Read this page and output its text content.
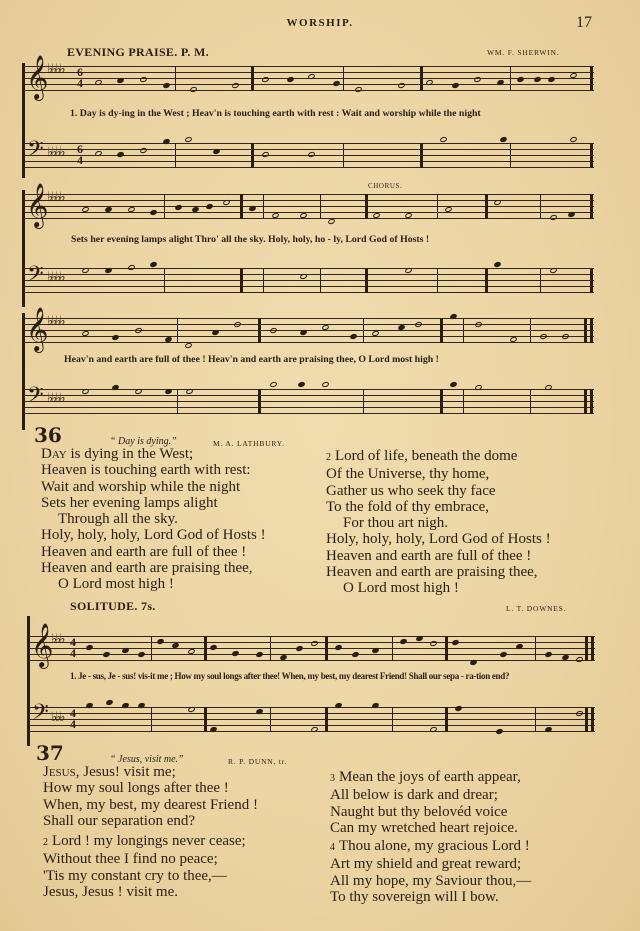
WORSHIP.	17
EVENING PRAISE. P. M.	WM. F. SHERWIN.
𝄞
𝄢
♭♭♭♭
♭♭♭♭
6
4
6
4
1. Day is dy-ing in the West ; Heav'n is touching earth with rest : Wait and worship while the night
CHORUS.
𝄞
𝄢
♭♭♭♭
♭♭♭♭
Sets her evening lamps alight Thro' all the sky. Holy, holy, ho - ly, Lord God of Hosts !
𝄞
𝄢
♭♭♭♭
♭♭♭♭
Heav'n and earth are full of thee ! Heav'n and earth are praising thee, O Lord most high !
36	“ Day is dying.”	M. A. LATHBURY.
Day is dying in the West;
Heaven is touching earth with rest:
Wait and worship while the night
Sets her evening lamps alight
Through all the sky.
Holy, holy, holy, Lord God of Hosts !
Heaven and earth are full of thee !
Heaven and earth are praising thee,
O Lord most high !
2 Lord of life, beneath the dome
Of the Universe, thy home,
Gather us who seek thy face
To the fold of thy embrace,
For thou art nigh.
Holy, holy, holy, Lord God of Hosts !
Heaven and earth are full of thee !
Heaven and earth are praising thee,
O Lord most high !
SOLITUDE. 7s.	L. T. DOWNES.
𝄞
𝄢
♭♭♭
♭♭♭
4
4
4
4
1. Je - sus, Je - sus! vis-it me ; How my soul longs after thee! When, my best, my dearest Friend! Shall our sepa - ra-tion end?
37	“ Jesus, visit me.”	R. P. DUNN, tr.
Jesus, Jesus! visit me;
How my soul longs after thee !
When, my best, my dearest Friend !
Shall our separation end?
2 Lord ! my longings never cease;
Without thee I find no peace;
'Tis my constant cry to thee,—
Jesus, Jesus ! visit me.
3 Mean the joys of earth appear,
All below is dark and drear;
Naught but thy belovéd voice
Can my wretched heart rejoice.
4 Thou alone, my gracious Lord !
Art my shield and great reward;
All my hope, my Saviour thou,—
To thy sovereign will I bow.
